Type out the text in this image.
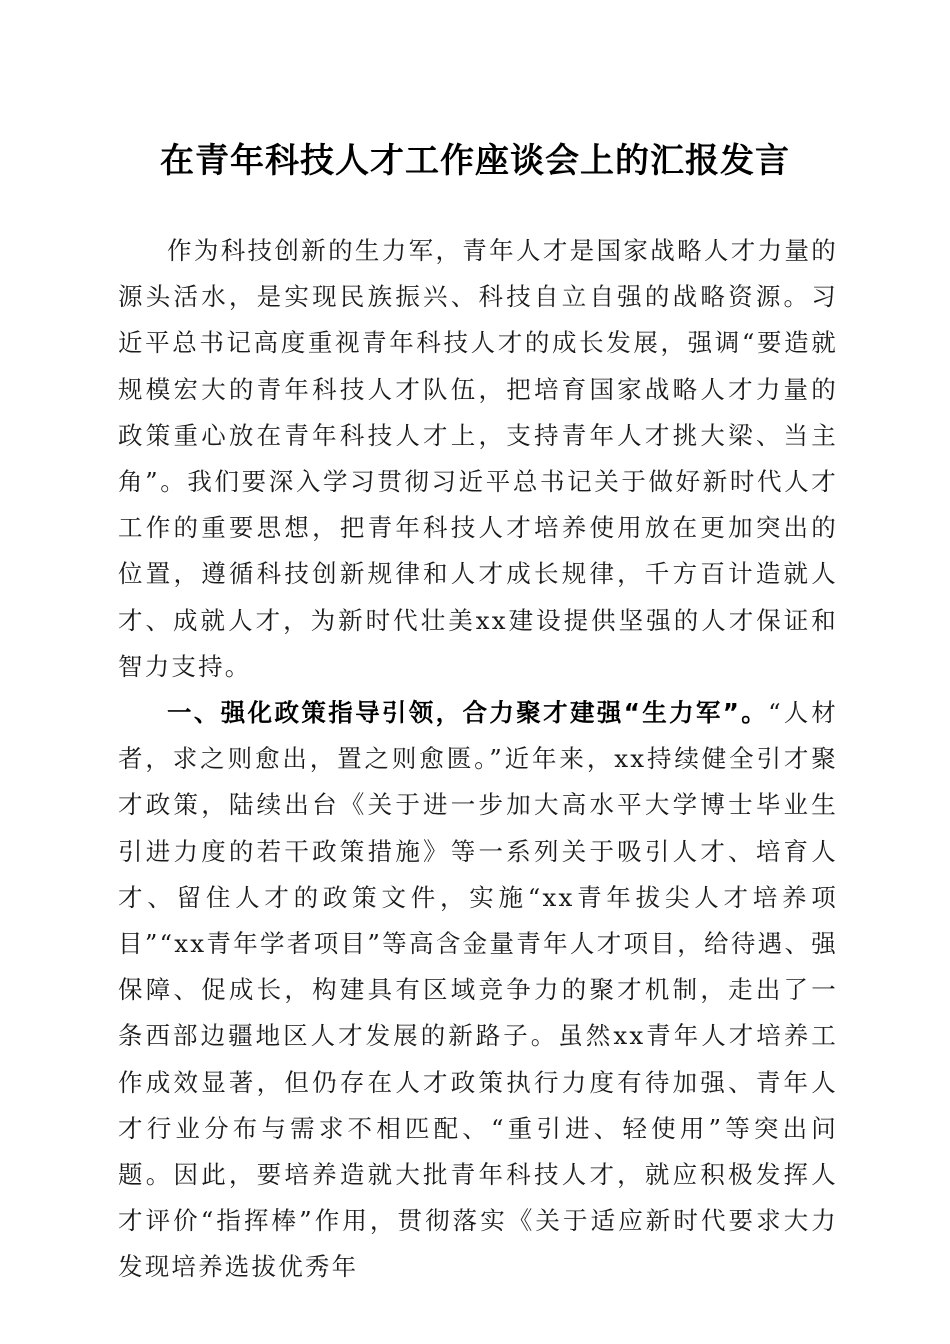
在青年科技人才工作座谈会上的汇报发言

作为科技创新的生力军，青年人才是国家战略人才力量的源头活水，是实现民族振兴、科技自立自强的战略资源。习近平总书记高度重视青年科技人才的成长发展，强调“要造就规模宏大的青年科技人才队伍，把培育国家战略人才力量的政策重心放在青年科技人才上，支持青年人才挑大梁、当主角”。我们要深入学习贯彻习近平总书记关于做好新时代人才工作的重要思想，把青年科技人才培养使用放在更加突出的位置，遵循科技创新规律和人才成长规律，千方百计造就人才、成就人才，为新时代壮美xx建设提供坚强的人才保证和智力支持。

一、强化政策指导引领，合力聚才建强“生力军”。“人材者，求之则愈出，置之则愈匮。”近年来，xx持续健全引才聚才政策，陆续出台《关于进一步加大高水平大学博士毕业生引进力度的若干政策措施》等一系列关于吸引人才、培育人才、留住人才的政策文件，实施“xx青年拔尖人才培养项目”“xx青年学者项目”等高含金量青年人才项目，给待遇、强保障、促成长，构建具有区域竞争力的聚才机制，走出了一条西部边疆地区人才发展的新路子。虽然xx青年人才培养工作成效显著，但仍存在人才政策执行力度有待加强、青年人才行业分布与需求不相匹配、“重引进、轻使用”等突出问题。因此，要培养造就大批青年科技人才，就应积极发挥人才评价“指挥棒”作用，贯彻落实《关于适应新时代要求大力发现培养选拔优秀年
